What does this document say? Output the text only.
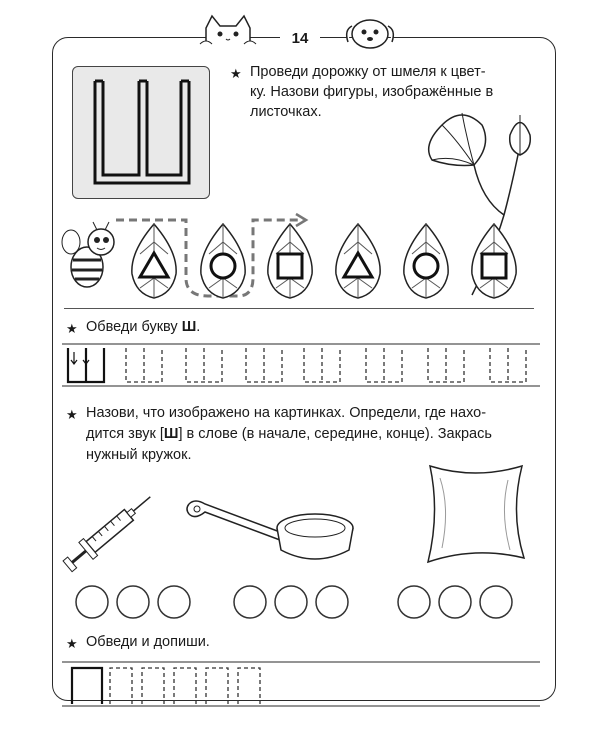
14
Ш	★ Проведи дорожку от шмеля к цвет-
ку. Назови фигуры, изображённые в
листочках.
★ Обведи букву Ш.
★ Назови, что изображено на картинках. Определи, где нахо-
дится звук [Ш] в слове (в начале, середине, конце). Закрась
нужный кружок.
★ Обведи и допиши.
